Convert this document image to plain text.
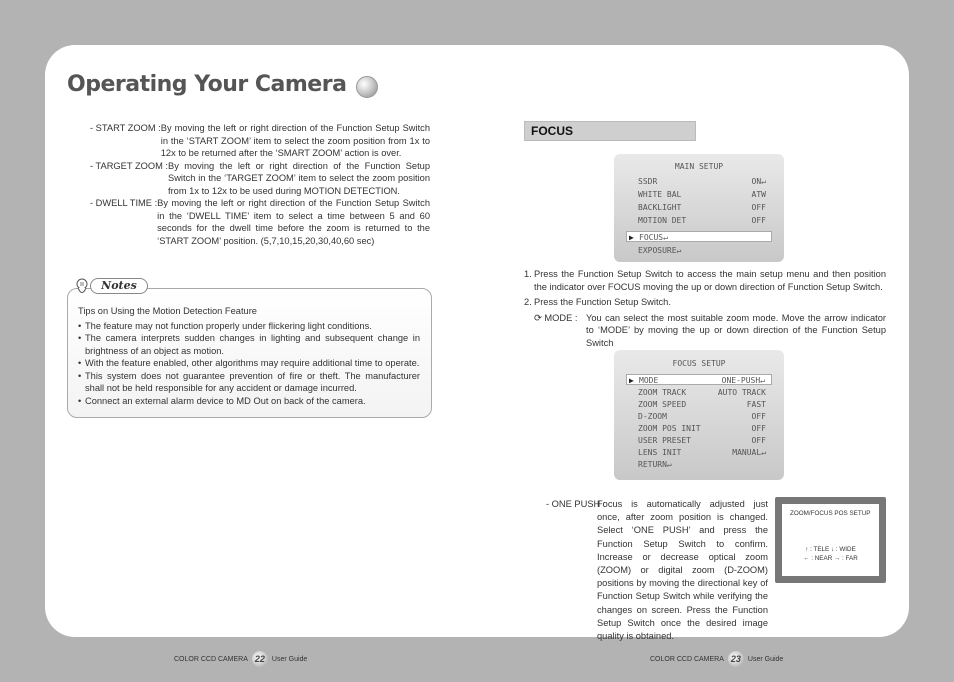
Operating Your Camera
- START ZOOM : By moving the left or right direction of the Function Setup Switch in the ‘START ZOOM’ item to select the zoom position from 1x to 12x to be returned after the ‘SMART ZOOM’ action is over.
- TARGET ZOOM : By moving the left or right direction of the Function Setup Switch in the ‘TARGET ZOOM’ item to select the zoom position from 1x to 12x to be used during MOTION DETECTION.
- DWELL TIME : By moving the left or right direction of the Function Setup Switch in the ‘DWELL TIME’ item to select a time between 5 and 60 seconds for the dwell time before the zoom is returned to the ‘START ZOOM’ position. (5,7,10,15,20,30,40,60 sec)
Notes
Tips on Using the Motion Detection Feature
• The feature may not function properly under flickering light conditions.
• The camera interprets sudden changes in lighting and subsequent change in brightness of an object as motion.
• With the feature enabled, other algorithms may require additional time to operate.
• This system does not guarantee prevention of fire or theft. The manufacturer shall not be held responsible for any accident or damage incurred.
• Connect an external alarm device to MD Out on back of the camera.
FOCUS
MAIN SETUP
SSDR	ON↵
WHITE BAL	ATW
BACKLIGHT	OFF
MOTION DET	OFF
▶ FOCUS↵
EXPOSURE↵
1. Press the Function Setup Switch to access the main setup menu and then position the indicator over FOCUS moving the up or down direction of Function Setup Switch.
2. Press the Function Setup Switch.
⟳ MODE : You can select the most suitable zoom mode. Move the arrow indicator to ‘MODE’ by moving the up or down direction of the Function Setup Switch
FOCUS SETUP
▶ MODE	ONE-PUSH↵
ZOOM TRACK	AUTO TRACK
ZOOM SPEED	FAST
D-ZOOM	OFF
ZOOM POS INIT	OFF
USER PRESET	OFF
LENS INIT	MANUAL↵
RETURN↵
- ONE PUSH :
Focus is automatically adjusted just once, after zoom position is changed. Select ‘ONE PUSH’ and press the Function Setup Switch to confirm. Increase or decrease optical zoom (ZOOM) or digital zoom (D-ZOOM) positions by moving the directional key of Function Setup Switch while verifying the changes on screen. Press the Function Setup Switch once the desired image quality is obtained.
ZOOM/FOCUS POS SETUP
↑ : TELE ↓ : WIDE
← : NEAR → : FAR
COLOR CCD CAMERA 22	User Guide	COLOR CCD CAMERA 23	User Guide
